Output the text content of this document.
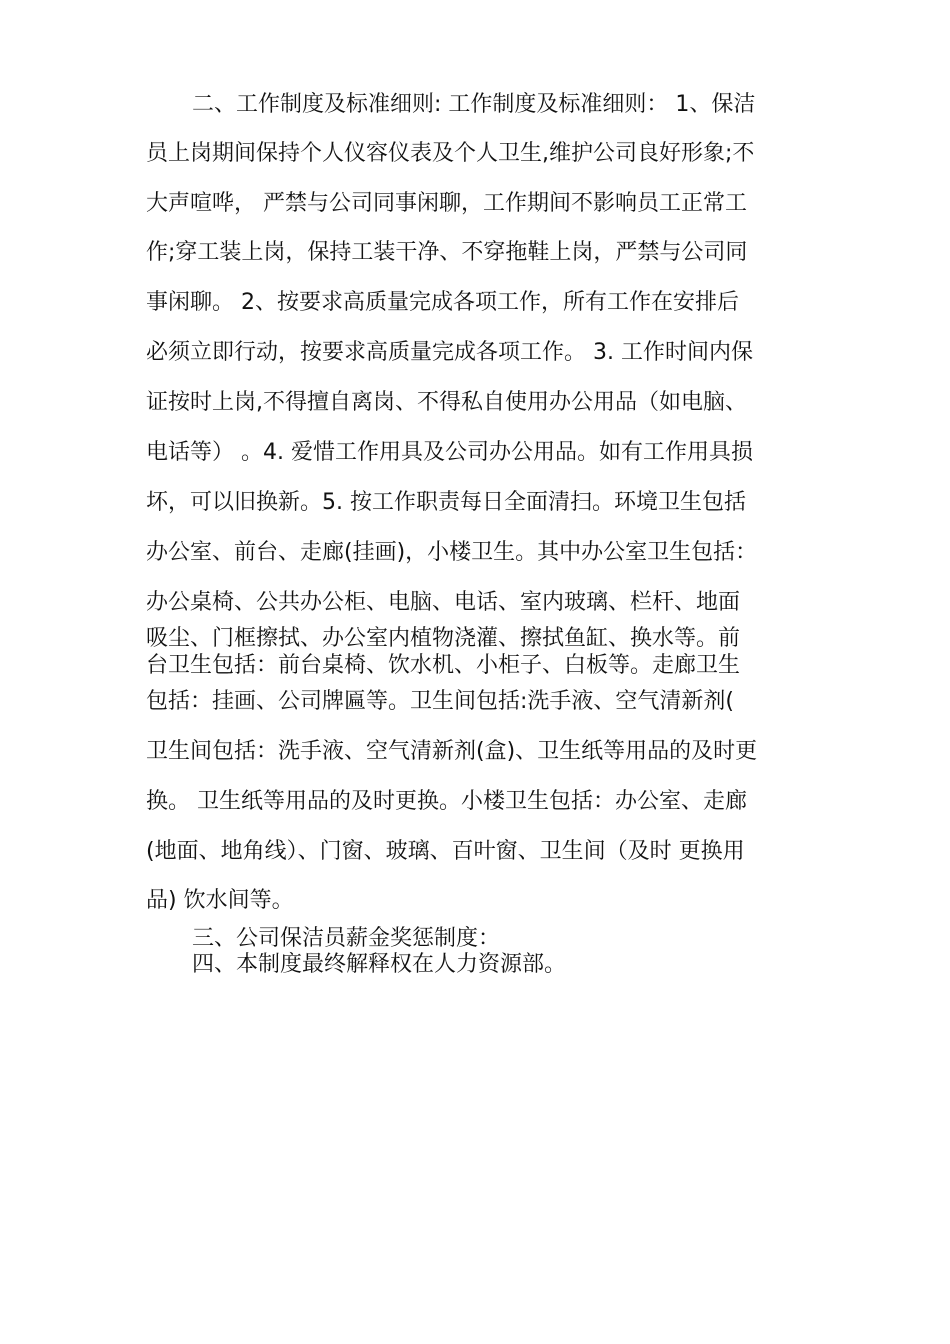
二、工作制度及标准细则: 工作制度及标准细则： 1、保洁
员上岗期间保持个人仪容仪表及个人卫生,维护公司良好形象;不
大声喧哗， 严禁与公司同事闲聊，工作期间不影响员工正常工
作;穿工装上岗，保持工装干净、不穿拖鞋上岗，严禁与公司同
事闲聊。 2、按要求高质量完成各项工作，所有工作在安排后
必须立即行动，按要求高质量完成各项工作。 3. 工作时间内保
证按时上岗,不得擅自离岗、不得私自使用办公用品（如电脑、
电话等） 。4. 爱惜工作用具及公司办公用品。如有工作用具损
坏，可以旧换新。5. 按工作职责每日全面清扫。环境卫生包括
办公室、前台、走廊(挂画)，小楼卫生。其中办公室卫生包括：
办公桌椅、公共办公柜、电脑、电话、室内玻璃、栏杆、地面
吸尘、门框擦拭、办公室内植物浇灌、擦拭鱼缸、换水等。前
台卫生包括：前台桌椅、饮水机、小柜子、白板等。走廊卫生
包括：挂画、公司牌匾等。卫生间包括:洗手液、空气清新剂(
卫生间包括：洗手液、空气清新剂(盒)、卫生纸等用品的及时更
换。 卫生纸等用品的及时更换。小楼卫生包括：办公室、走廊
(地面、地角线）、门窗、玻璃、百叶窗、卫生间（及时 更换用
品) 饮水间等。
三、公司保洁员薪金奖惩制度：
四、本制度最终解释权在人力资源部。
